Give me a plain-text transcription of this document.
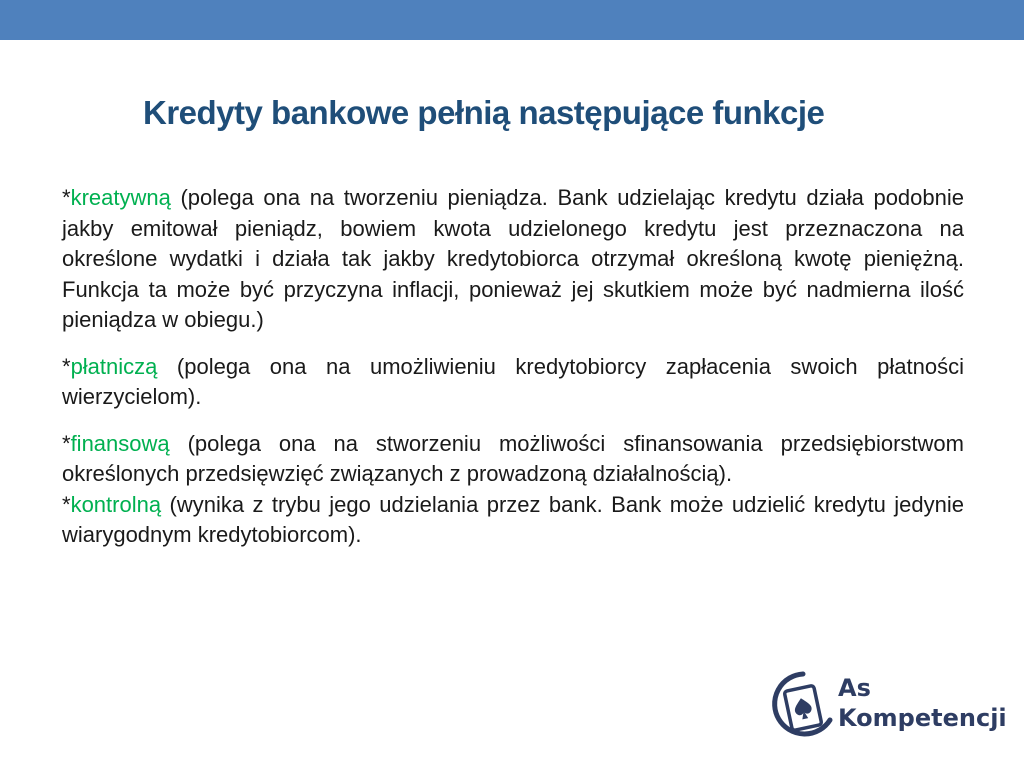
Kredyty bankowe pełnią następujące funkcje

*kreatywną (polega ona na tworzeniu pieniądza. Bank udzielając kredytu działa podobnie jakby emitował pieniądz, bowiem kwota udzielonego kredytu jest przeznaczona na określone wydatki i działa tak jakby kredytobiorca otrzymał określoną kwotę pieniężną. Funkcja ta może być przyczyna inflacji, ponieważ jej skutkiem może być nadmierna ilość pieniądza w obiegu.)

*płatniczą (polega ona na umożliwieniu kredytobiorcy zapłacenia swoich płatności wierzycielom).

*finansową (polega ona na stworzeniu możliwości sfinansowania przedsiębiorstwom określonych przedsięwzięć związanych z prowadzoną działalnością).

*kontrolną (wynika z trybu jego udzielania przez bank. Bank może udzielić kredytu jedynie wiarygodnym kredytobiorcom).

As
Kompetencji
